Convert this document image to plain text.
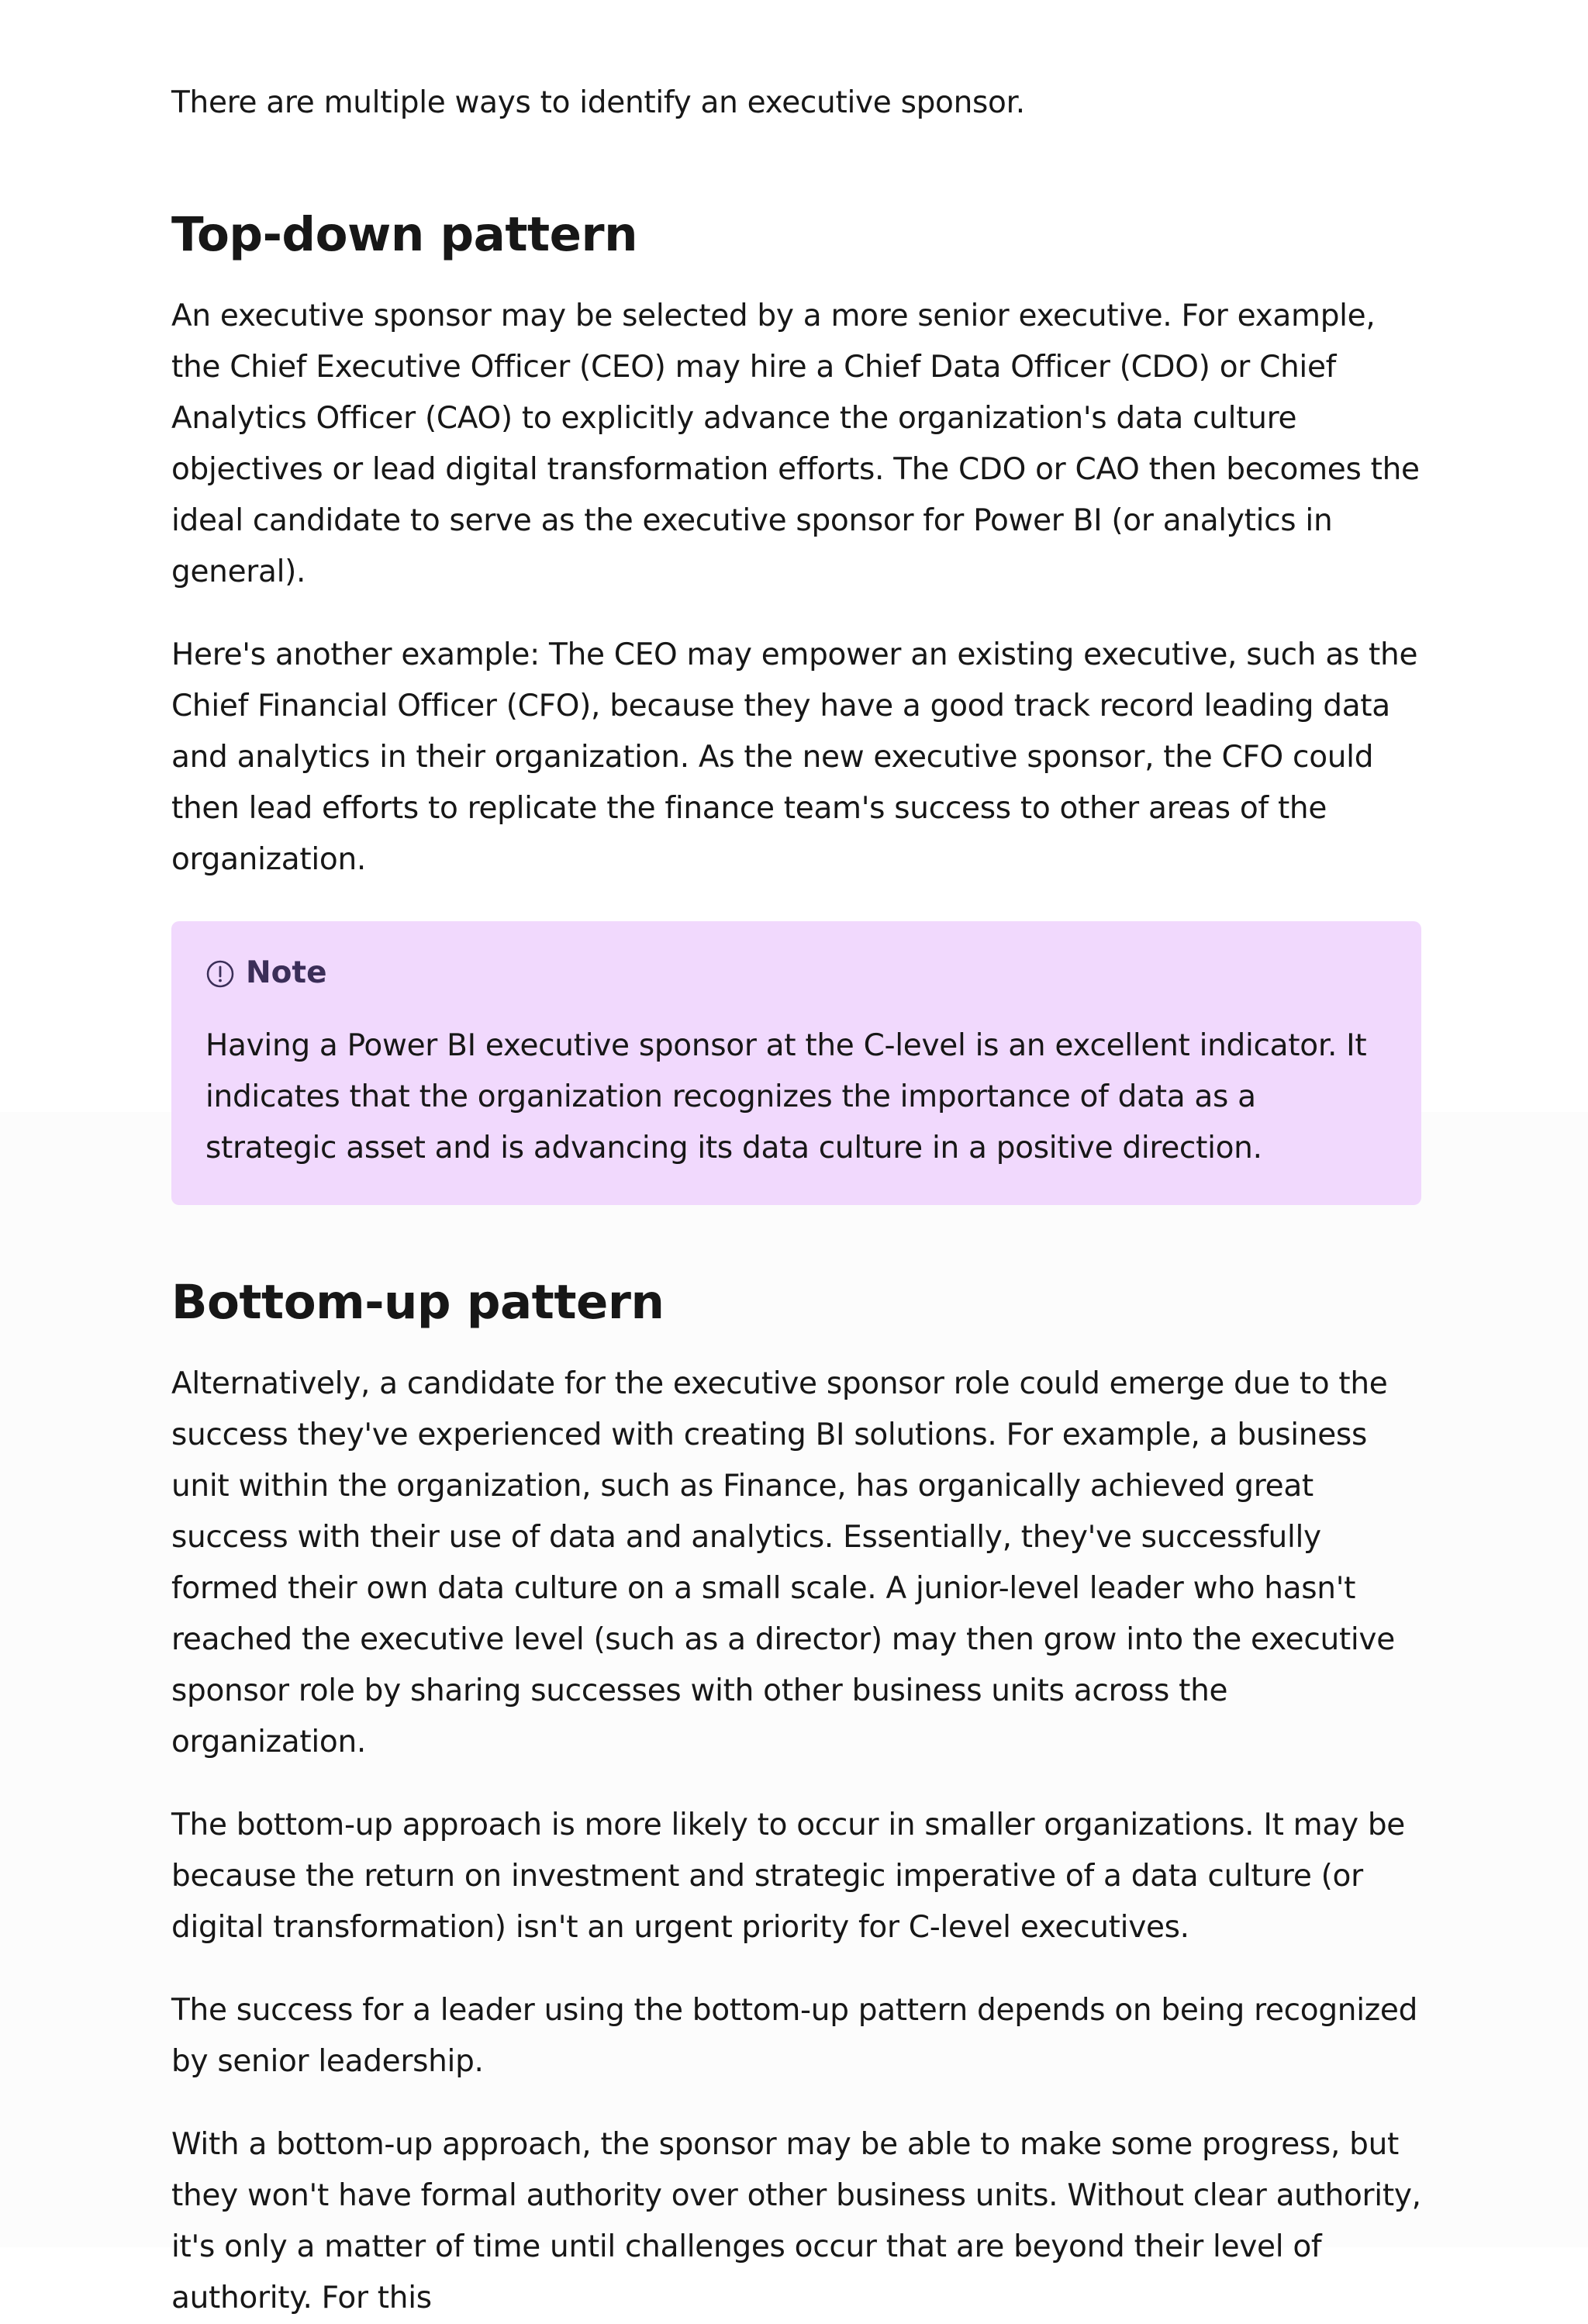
There are multiple ways to identify an executive sponsor.

Top-down pattern

An executive sponsor may be selected by a more senior executive. For example, the Chief Executive Officer (CEO) may hire a Chief Data Officer (CDO) or Chief Analytics Officer (CAO) to explicitly advance the organization's data culture objectives or lead digital transformation efforts. The CDO or CAO then becomes the ideal candidate to serve as the executive sponsor for Power BI (or analytics in general).

Here's another example: The CEO may empower an existing executive, such as the Chief Financial Officer (CFO), because they have a good track record leading data and analytics in their organization. As the new executive sponsor, the CFO could then lead efforts to replicate the finance team's success to other areas of the organization.

Note

Having a Power BI executive sponsor at the C-level is an excellent indicator. It indicates that the organization recognizes the importance of data as a strategic asset and is advancing its data culture in a positive direction.

Bottom-up pattern

Alternatively, a candidate for the executive sponsor role could emerge due to the success they've experienced with creating BI solutions. For example, a business unit within the organization, such as Finance, has organically achieved great success with their use of data and analytics. Essentially, they've successfully formed their own data culture on a small scale. A junior-level leader who hasn't reached the executive level (such as a director) may then grow into the executive sponsor role by sharing successes with other business units across the organization.

The bottom-up approach is more likely to occur in smaller organizations. It may be because the return on investment and strategic imperative of a data culture (or digital transformation) isn't an urgent priority for C-level executives.

The success for a leader using the bottom-up pattern depends on being recognized by senior leadership.

With a bottom-up approach, the sponsor may be able to make some progress, but they won't have formal authority over other business units. Without clear authority, it's only a matter of time until challenges occur that are beyond their level of authority. For this
